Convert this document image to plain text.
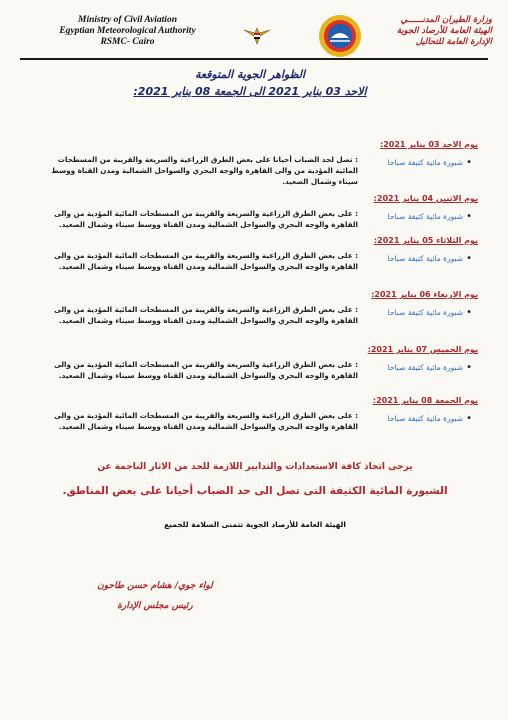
Ministry of Civil Aviation
Egyptian Meteorological Authority
RSMC- Cairo
وزارة الطيران المدنــــــي
الهيئة العامة للأرصاد الجوية
الإدارة العامة للتحاليل
الظواهر الجوية المتوقعة
الاحد 03 يناير 2021 الى الجمعة 08 يناير 2021:
يوم الاحد 03 يناير 2021:
•شبورة مائية كثيفة صباحا
: تصل لحد الضباب أحيانا على بعض الطرق الزراعية والسريعة والقريبة من المسطحات المائية المؤدية من والى القاهرة والوجه البحري والسواحل الشمالية ومدن القناة ووسط سيناء وشمال الصعيد.
يوم الاثنين 04 يناير 2021:
•شبورة مائية كثيفة صباحا
: على بعض الطرق الزراعية والسريعة والقريبة من المسطحات المائية المؤدية من والى القاهرة والوجه البحري والسواحل الشمالية ومدن القناة ووسط سيناء وشمال الصعيد.
يوم الثلاثاء 05 يناير 2021:
•شبورة مائية كثيفة صباحا
: على بعض الطرق الزراعية والسريعة والقريبة من المسطحات المائية المؤدية من والى القاهرة والوجه البحري والسواحل الشمالية ومدن القناة ووسط سيناء وشمال الصعيد.
يوم الاربعاء 06 يناير 2021:
•شبورة مائية كثيفة صباحا
: على بعض الطرق الزراعية والسريعة والقريبة من المسطحات المائية المؤدية من والى القاهرة والوجه البحري والسواحل الشمالية ومدن القناة ووسط سيناء وشمال الصعيد.
يوم الخميس 07 يناير 2021:
•شبورة مائية كثيفة صباحا
: على بعض الطرق الزراعية والسريعة والقريبة من المسطحات المائية المؤدية من والى القاهرة والوجه البحري والسواحل الشمالية ومدن القناة ووسط سيناء وشمال الصعيد.
يوم الجمعة 08 يناير 2021:
•شبورة مائية كثيفة صباحا
: على بعض الطرق الزراعية والسريعة والقريبة من المسطحات المائية المؤدية من والى القاهرة والوجه البحري والسواحل الشمالية ومدن القناة ووسط سيناء وشمال الصعيد.
يرجى اتخاذ كافة الاستعدادات والتدابير اللازمة للحد من الاثار الناجمة عن
الشبورة المائية الكثيفة التى تصل الى حد الضباب أحيانا على بعض المناطق.
الهيئة العامة للأرصاد الجوية تتمنى السلامة للجميع
لواء جوي/ هشام حسن طاحون
رئيس مجلس الإدارة
